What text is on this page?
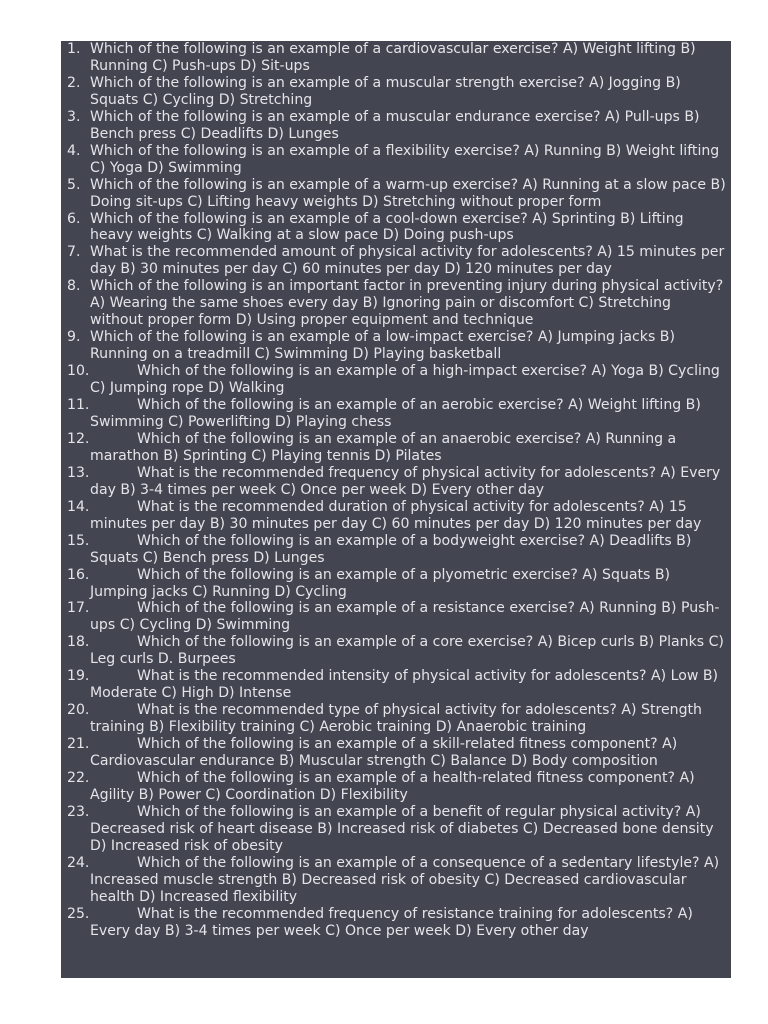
1. Which of the following is an example of a cardiovascular exercise? A) Weight lifting B) Running C) Push-ups D) Sit-ups
2. Which of the following is an example of a muscular strength exercise? A) Jogging B) Squats C) Cycling D) Stretching
3. Which of the following is an example of a muscular endurance exercise? A) Pull-ups B) Bench press C) Deadlifts D) Lunges
4. Which of the following is an example of a flexibility exercise? A) Running B) Weight lifting C) Yoga D) Swimming
5. Which of the following is an example of a warm-up exercise? A) Running at a slow pace B) Doing sit-ups C) Lifting heavy weights D) Stretching without proper form
6. Which of the following is an example of a cool-down exercise? A) Sprinting B) Lifting heavy weights C) Walking at a slow pace D) Doing push-ups
7. What is the recommended amount of physical activity for adolescents? A) 15 minutes per day B) 30 minutes per day C) 60 minutes per day D) 120 minutes per day
8. Which of the following is an important factor in preventing injury during physical activity? A) Wearing the same shoes every day B) Ignoring pain or discomfort C) Stretching without proper form D) Using proper equipment and technique
9. Which of the following is an example of a low-impact exercise? A) Jumping jacks B) Running on a treadmill C) Swimming D) Playing basketball
10.	Which of the following is an example of a high-impact exercise? A) Yoga B) Cycling C) Jumping rope D) Walking
11.	Which of the following is an example of an aerobic exercise? A) Weight lifting B) Swimming C) Powerlifting D) Playing chess
12.	Which of the following is an example of an anaerobic exercise? A) Running a marathon B) Sprinting C) Playing tennis D) Pilates
13.	What is the recommended frequency of physical activity for adolescents? A) Every day B) 3-4 times per week C) Once per week D) Every other day
14.	What is the recommended duration of physical activity for adolescents? A) 15 minutes per day B) 30 minutes per day C) 60 minutes per day D) 120 minutes per day
15.	Which of the following is an example of a bodyweight exercise? A) Deadlifts B) Squats C) Bench press D) Lunges
16.	Which of the following is an example of a plyometric exercise? A) Squats B) Jumping jacks C) Running D) Cycling
17.	Which of the following is an example of a resistance exercise? A) Running B) Push-ups C) Cycling D) Swimming
18.	Which of the following is an example of a core exercise? A) Bicep curls B) Planks C) Leg curls D. Burpees
19.	What is the recommended intensity of physical activity for adolescents? A) Low B) Moderate C) High D) Intense
20.	What is the recommended type of physical activity for adolescents? A) Strength training B) Flexibility training C) Aerobic training D) Anaerobic training
21.	Which of the following is an example of a skill-related fitness component? A) Cardiovascular endurance B) Muscular strength C) Balance D) Body composition
22.	Which of the following is an example of a health-related fitness component? A) Agility B) Power C) Coordination D) Flexibility
23.	Which of the following is an example of a benefit of regular physical activity? A) Decreased risk of heart disease B) Increased risk of diabetes C) Decreased bone density D) Increased risk of obesity
24.	Which of the following is an example of a consequence of a sedentary lifestyle? A) Increased muscle strength B) Decreased risk of obesity C) Decreased cardiovascular health D) Increased flexibility
25.	What is the recommended frequency of resistance training for adolescents? A) Every day B) 3-4 times per week C) Once per week D) Every other day
